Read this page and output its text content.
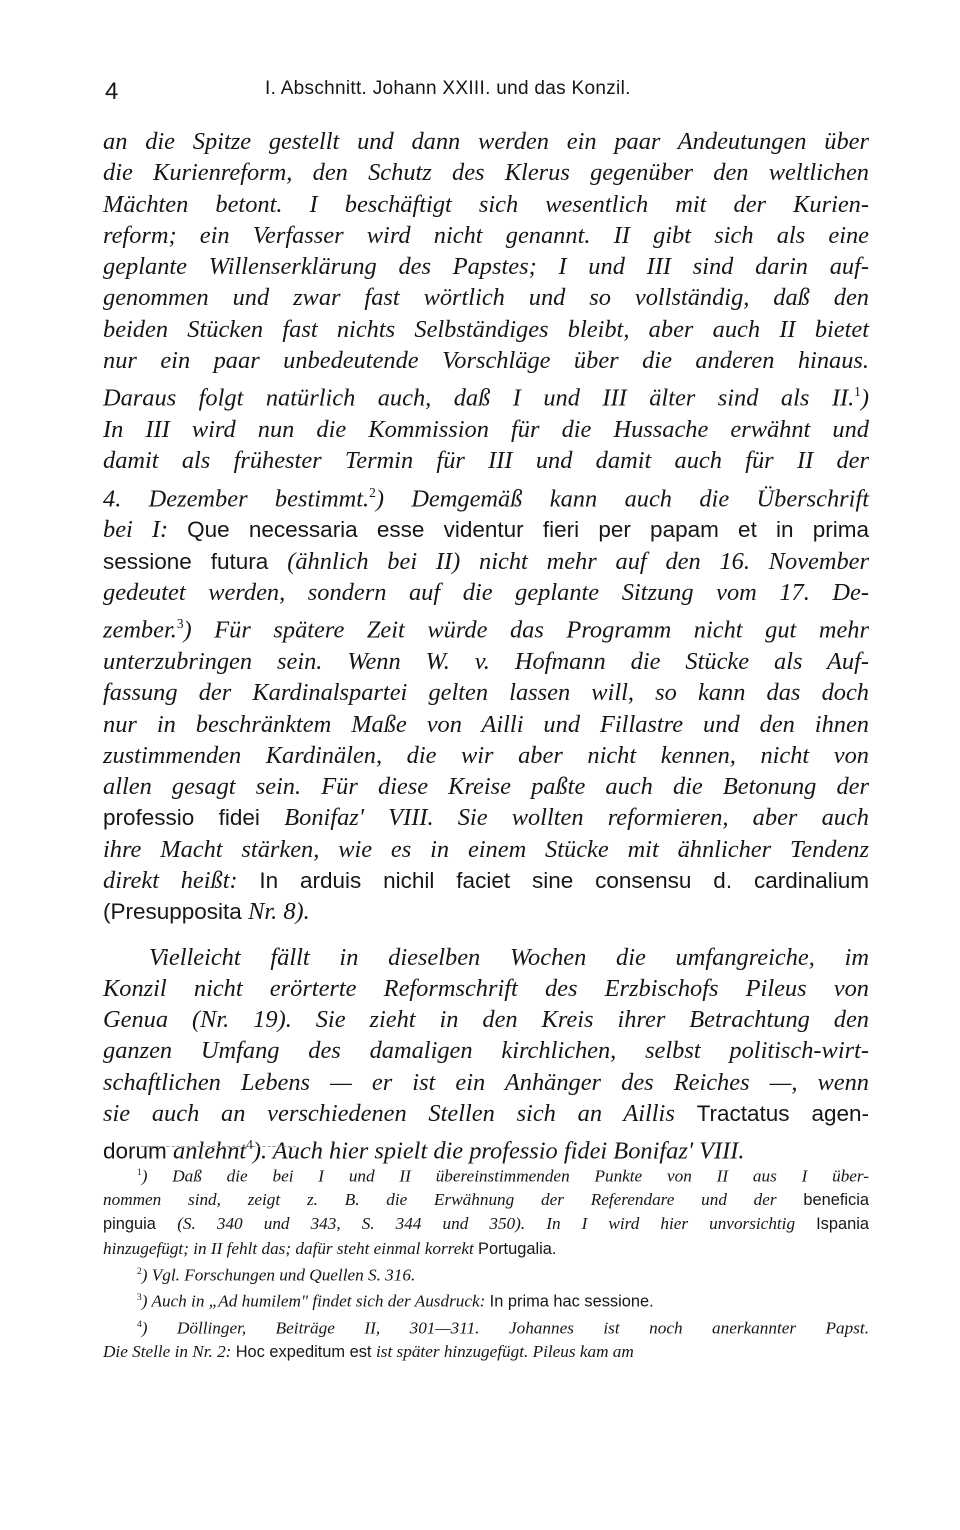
4	I. Abschnitt. Johann XXIII. und das Konzil.
an die Spitze gestellt und dann werden ein paar Andeutungen über
die Kurienreform, den Schutz des Klerus gegenüber den weltlichen
Mächten betont. I beschäftigt sich wesentlich mit der Kurien-
reform; ein Verfasser wird nicht genannt. II gibt sich als eine
geplante Willenserklärung des Papstes; I und III sind darin auf-
genommen und zwar fast wörtlich und so vollständig, daß den
beiden Stücken fast nichts Selbständiges bleibt, aber auch II bietet
nur ein paar unbedeutende Vorschläge über die anderen hinaus.
Daraus folgt natürlich auch, daß I und III älter sind als II.$^1$)
In III wird nun die Kommission für die Hussache erwähnt und
damit als frühester Termin für III und damit auch für II der
4. Dezember bestimmt.$^2$) Demgemäß kann auch die Überschrift
bei I: Que necessaria esse videntur fieri per papam et in prima
sessione futura (ähnlich bei II) nicht mehr auf den 16. November
gedeutet werden, sondern auf die geplante Sitzung vom 17. De-
zember.$^3$) Für spätere Zeit würde das Programm nicht gut mehr
unterzubringen sein. Wenn W. v. Hofmann die Stücke als Auf-
fassung der Kardinalspartei gelten lassen will, so kann das doch
nur in beschränktem Maße von Ailli und Fillastre und den ihnen
zustimmenden Kardinälen, die wir aber nicht kennen, nicht von
allen gesagt sein. Für diese Kreise paßte auch die Betonung der
professio fidei Bonifaz' VIII. Sie wollten reformieren, aber auch
ihre Macht stärken, wie es in einem Stücke mit ähnlicher Tendenz
direkt heißt: In arduis nichil faciet sine consensu d. cardinalium
(Presupposita Nr. 8).
Vielleicht fällt in dieselben Wochen die umfangreiche, im
Konzil nicht erörterte Reformschrift des Erzbischofs Pileus von
Genua (Nr. 19). Sie zieht in den Kreis ihrer Betrachtung den
ganzen Umfang des damaligen kirchlichen, selbst politisch-wirt-
schaftlichen Lebens — er ist ein Anhänger des Reiches —, wenn
sie auch an verschiedenen Stellen sich an Aillis Tractatus agen-
dorum anlehnt$^4$). Auch hier spielt die professio fidei Bonifaz' VIII.
$^1$) Daß die bei I und II übereinstimmenden Punkte von II aus I über-
nommen sind, zeigt z. B. die Erwähnung der Referendare und der beneficia
pinguia (S. 340 und 343, S. 344 und 350). In I wird hier unvorsichtig Ispania
hinzugefügt; in II fehlt das; dafür steht einmal korrekt Portugalia.
$^2$) Vgl. Forschungen und Quellen S. 316.
$^3$) Auch in „Ad humilem" findet sich der Ausdruck: In prima hac sessione.
$^4$) Döllinger, Beiträge II, 301—311. Johannes ist noch anerkannter Papst.
Die Stelle in Nr. 2: Hoc expeditum est ist später hinzugefügt. Pileus kam am
